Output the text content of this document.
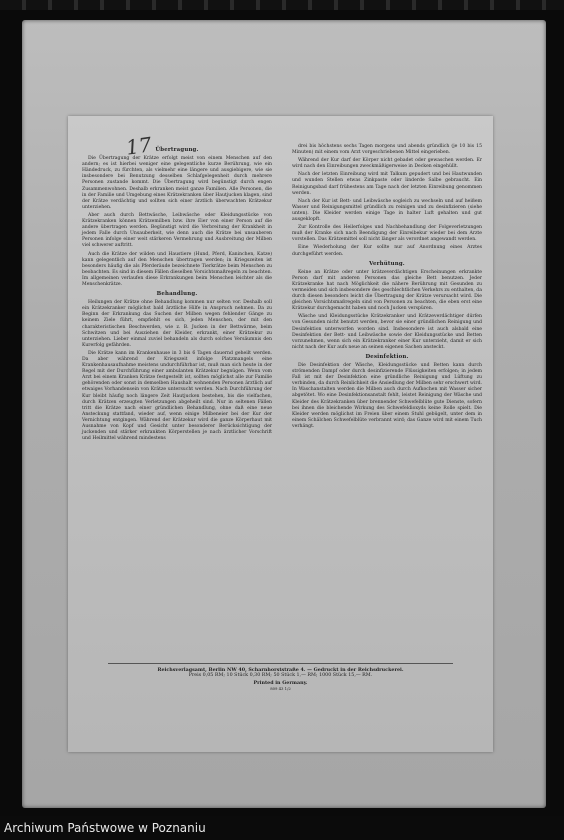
17 Übertragung.
Die Übertragung der Krätze erfolgt meist von einem Menschen auf den andern; es ist hierbei weniger eine gelegentliche kurze Berührung, wie ein Händedruck, zu fürchten, als vielmehr eine längere und ausgiebigere, wie sie insbesondere bei Benutzung desselben Schlafgelegenheit durch mehrere Personen zustande kommt. Die Übertragung wird begünstigt durch engen Zusammenwohnen. Deshalb erkranken meist ganze Familien. Alle Personen, die in der Familie und Umgebung eines Krätzekranken über Hautjucken klagen, sind der Krätze verdächtig und sollten sich einer ärztlich überwachten Krätzekur unterziehen.
Aber auch durch Bettwäsche, Leibwäsche oder Kleidungsstücke von Krätzekranken können Krätzemilben bzw. ihre Eier von einer Person auf die andere übertragen werden. Begünstigt wird die Verbreitung der Krankheit in jedem Falle durch Unsauberkeit, wie denn auch die Krätze bei unsauberen Personen infolge einer weit stärkeren Vermehrung und Ausbreitung der Milben viel schwerer auftritt.
Auch die Krätze der wilden und Haustiere (Hund, Pferd, Kaninchen, Katze) kann gelegentlich auf den Menschen übertragen werden; in Kriegszeiten ist besonders häufig die als Pferderäude bezeichnete Tierkrätze beim Menschen zu beobachten. Es sind in diesem Fällen dieselben Vorsichtsmaßregeln zu beachten. Im allgemeinen verlaufen diese Erkrankungen beim Menschen leichter als die Menschenkrätze.
Behandlung.
Heilungen der Krätze ohne Behandlung kommen nur selten vor. Deshalb soll ein Krätzekranker möglichst bald ärztliche Hilfe in Anspruch nehmen. Da zu Beginn der Erkrankung das Suchen der Milben wegen fehlender Gänge zu keinem Ziele führt, empfiehlt es sich, jeden Menschen, der mit den charakteristischen Beschwerden, wie z. B. Jucken in der Bettwärme, beim Schwitzen und bei Ausziehen der Kleider, erkrankt, einer Krätzekur zu unterziehen. Lieber einmal zuviel behandeln als durch solches Versäumnis den Kurerfolg gefährden.
Die Krätze kann im Krankenhause in 3 bis 6 Tagen dauernd geheilt werden. Da aber während der Kriegszeit infolge Platzmangels eine Krankenhausaufnahme meistens undurchführbar ist, muß man sich heute in der Regel mit der Durchführung einer ambulanten Krätzekur begnügen. Wenn vom Arzt bei einem Kranken Krätze festgestellt ist, sollten möglichst alle zur Familie gehörenden oder sonst in demselben Haushalt wohnenden Personen ärztlich auf etwaiges Vorhandensein von Krätze untersucht werden. Nach Durchführung der Kur bleibt häufig noch längere Zeit Hautjucken bestehen, bis die vielfachen, durch Krätzen erzeugten Verletzungen abgeheilt sind. Nur in seltenen Fällen tritt die Krätze nach einer gründlichen Behandlung, ohne daß eine neue Ansteckung stattfand, wieder auf, wenn einige Milbeneier bei der Kur der Vernichtung entgingen. Während der Krätzekur wird die ganze Körperhaut mit Ausnahme von Kopf und Gesicht unter besonderer Berücksichtigung der juckenden und stärker erkrankten Körperstellen je nach ärztlicher Vorschrift und Heilmittel während mindestens
drei bis höchstens sechs Tagen morgens und abends gründlich (je 10 bis 15 Minuten) mit einem vom Arzt vorgeschriebenen Mittel eingerieben.
Während der Kur darf der Körper nicht gebadet oder gewaschen werden. Er wird nach den Einreibungen zweckmäßigerweise in Decken eingehüllt.
Nach der letzten Einreibung wird mit Talkum gepudert und bei Hautwunden und wunden Stellen etwas Zinkpaste oder linderde Salbe gebraucht. Ein Reinigungsbad darf frühestens am Tage nach der letzten Einreibung genommen werden.
Nach der Kur ist Bett- und Leibwäsche sogleich zu wechseln und auf heißem Wasser und Reinigungsmittel gründlich zu reinigen und zu desinfizieren (siehe unten). Die Kleider werden einige Tage in halter Luft gehalten und gut ausgeklopft.
Zur Kontrolle des Heilerfolges und Nachbehandlung der Folgeverletzungen muß der Kranke sich nach Beendigung der Einreibekur wieder bei dem Arzte vorstellen. Das Krätzemittel soll nicht länger als verordnet angewandt werden.
Eine Wiederholung der Kur sollte nur auf Anordnung eines Arztes durchgeführt werden.
Verhütung.
Keine an Krätze oder unter krätzeverdächtigen Erscheinungen erkrankte Person darf mit anderen Personen das gleiche Bett benutzen. Jeder Krätzekranke hat nach Möglichkeit die nähere Berührung mit Gesunden zu vermeiden und sich insbesondere des geschlechtlichen Verkehrs zu enthalten, da durch diesen besonders leicht die Übertragung der Krätze verursacht wird. Die gleichen Vorsichtsmaßregeln sind von Personen zu beachten, die eben erst eine Krätzekur durchgemacht haben und noch Jucken verspüren.
Wäsche und Kleidungsstücke Krätzekranker und Krätzeverdächtiger dürfen von Gesunden nicht benutzt werden, bevor sie einer gründlichen Reinigung und Desinfektion unterworfen worden sind. Insbesondere ist auch alsbald eine Desinfektion der Bett- und Leibwäsche sowie der Kleidungsstücke und Betten vorzunehmen, wenn sich ein Krätzekranker einer Kur unterzieht, damit er sich nicht nach der Kur aufs neue an seinen eigenen Sachen ansteckt.
Desinfektion.
Die Desinfektion der Wäsche, Kleidungsstücke und Betten kann durch strömenden Dampf oder durch desinfizierende Flüssigkeiten erfolgen; in jedem Fall ist mit der Desinfektion eine gründliche Reinigung und Lüftung zu verbinden, da durch Reinlichkeit die Ansiedlung der Milben sehr erschwert wird. In Waschanstalten werden die Milben auch durch Aufkochen mit Wasser sicher abgetötet. Wo eine Desinfektionsanstalt fehlt, leistet Reinigung der Wäsche und Kleider des Krätzekranken über brennender Schwefelblüte gute Dienste, sofern bei ihnen die bleichende Wirkung des Schwefeldioxyds keine Rolle spielt. Die Kleider werden möglichst im Freien über einem Stuhl gebügelt, unter dem in einem Schälchen Schwefelblüte verbrannt wird; das Ganze wird mit einem Tuch verhängt.
Reichsverlagsamt, Berlin NW 40, Scharnhorststraße 4. — Gedruckt in der Reichsdruckerei.
Preis 0,05 RM; 10 Stück 0,30 RM; 50 Stück 1,— RM; 1000 Stück 15,— RM.
Printed in Germany.
809 43 1/2
Archiwum Państwowe w Poznaniu
